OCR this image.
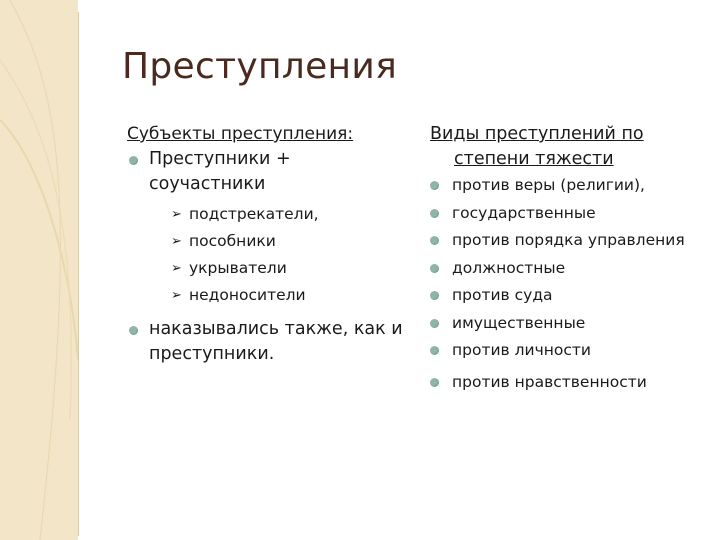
Преступления
Субъекты преступления:
Преступники + соучастники
➢ подстрекатели,
➢ пособники
➢ укрыватели
➢ недоносители
наказывались также, как и преступники.
Виды преступлений по
степени тяжести
против веры (религии),
государственные
против порядка управления
должностные
против суда
имущественные
против личности
против нравственности
